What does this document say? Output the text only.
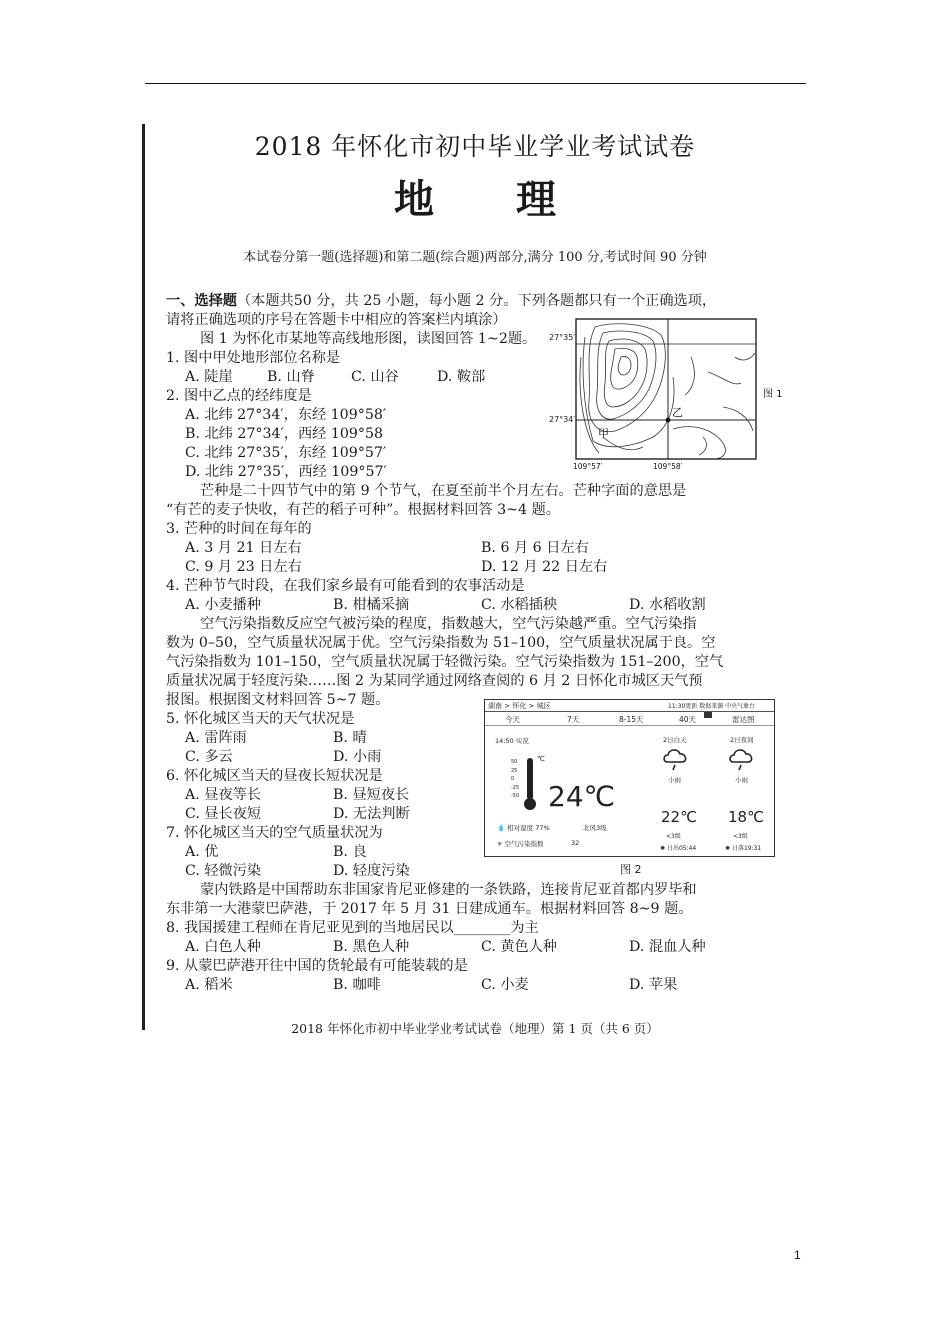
2018 年怀化市初中毕业学业考试试卷
地 理
本试卷分第一题(选择题)和第二题(综合题)两部分,满分 100 分,考试时间 90 分钟
一、选择题（本题共50 分，共 25 小题，每小题 2 分。下列各题都只有一个正确选项，
请将正确选项的序号在答题卡中相应的答案栏内填涂）
图 1 为怀化市某地等高线地形图，读图回答 1~2题。
1. 图中甲处地形部位名称是
A. 陡崖 B. 山脊	C. 山谷	D. 鞍部
2. 图中乙点的经纬度是
A. 北纬 27°34′，东经 109°58′
B. 北纬 27°34′，西经 109°58
C. 北纬 27°35′，东经 109°57′
D. 北纬 27°35′，西经 109°57′
乙
甲
109°57′	109°58′
图 1
27°35′
27°34′
芒种是二十四节气中的第 9 个节气，在夏至前半个月左右。芒种字面的意思是
“有芒的麦子快收，有芒的稻子可种”。根据材料回答 3~4 题。
3. 芒种的时间在每年的
A. 3 月 21 日左右	B. 6 月 6 日左右
C. 9 月 23 日左右	D. 12 月 22 日左右
4. 芒种节气时段，在我们家乡最有可能看到的农事活动是
A. 小麦播种	B. 柑橘采摘	C. 水稻插秧	D. 水稻收割
空气污染指数反应空气被污染的程度，指数越大，空气污染越严重。空气污染指
数为 0–50，空气质量状况属于优。空气污染指数为 51–100，空气质量状况属于良。空
气污染指数为 101–150，空气质量状况属于轻微污染。空气污染指数为 151–200，空气
质量状况属于轻度污染……图 2 为某同学通过网络查阅的 6 月 2 日怀化市城区天气预
报图。根据图文材料回答 5~7 题。
5. 怀化城区当天的天气状况是
A. 雷阵雨	B. 晴
C. 多云	D. 小雨
6. 怀化城区当天的昼夜长短状况是
A. 昼夜等长	B. 昼短夜长
C. 昼长夜短	D. 无法判断
7. 怀化城区当天的空气质量状况为
A. 优	B. 良
C. 轻微污染	D. 轻度污染
湖南 > 怀化 > 城区	11:30更新 数据来源 中央气象台
今天	7天	8-15天	40天	雷达图
14:50 实况
℃
50
25
0
-25
-50 24℃
💧 相对湿度 77%	北风3级
✳ 空气污染指数	32
2日白天	2日夜间
小雨	小雨
22℃ 18℃
<3级	<3级
✺ 日出05:44	✺ 日落19:31
图 2
蒙内铁路是中国帮助东非国家肯尼亚修建的一条铁路，连接肯尼亚首都内罗毕和
东非第一大港蒙巴萨港，于 2017 年 5 月 31 日建成通车。根据材料回答 8~9 题。
8. 我国援建工程师在肯尼亚见到的当地居民以________为主
A. 白色人种	B. 黑色人种	C. 黄色人种	D. 混血人种
9. 从蒙巴萨港开往中国的货轮最有可能装载的是
A. 稻米	B. 咖啡	C. 小麦	D. 苹果
2018 年怀化市初中毕业学业考试试卷（地理）第 1 页（共 6 页）
1
